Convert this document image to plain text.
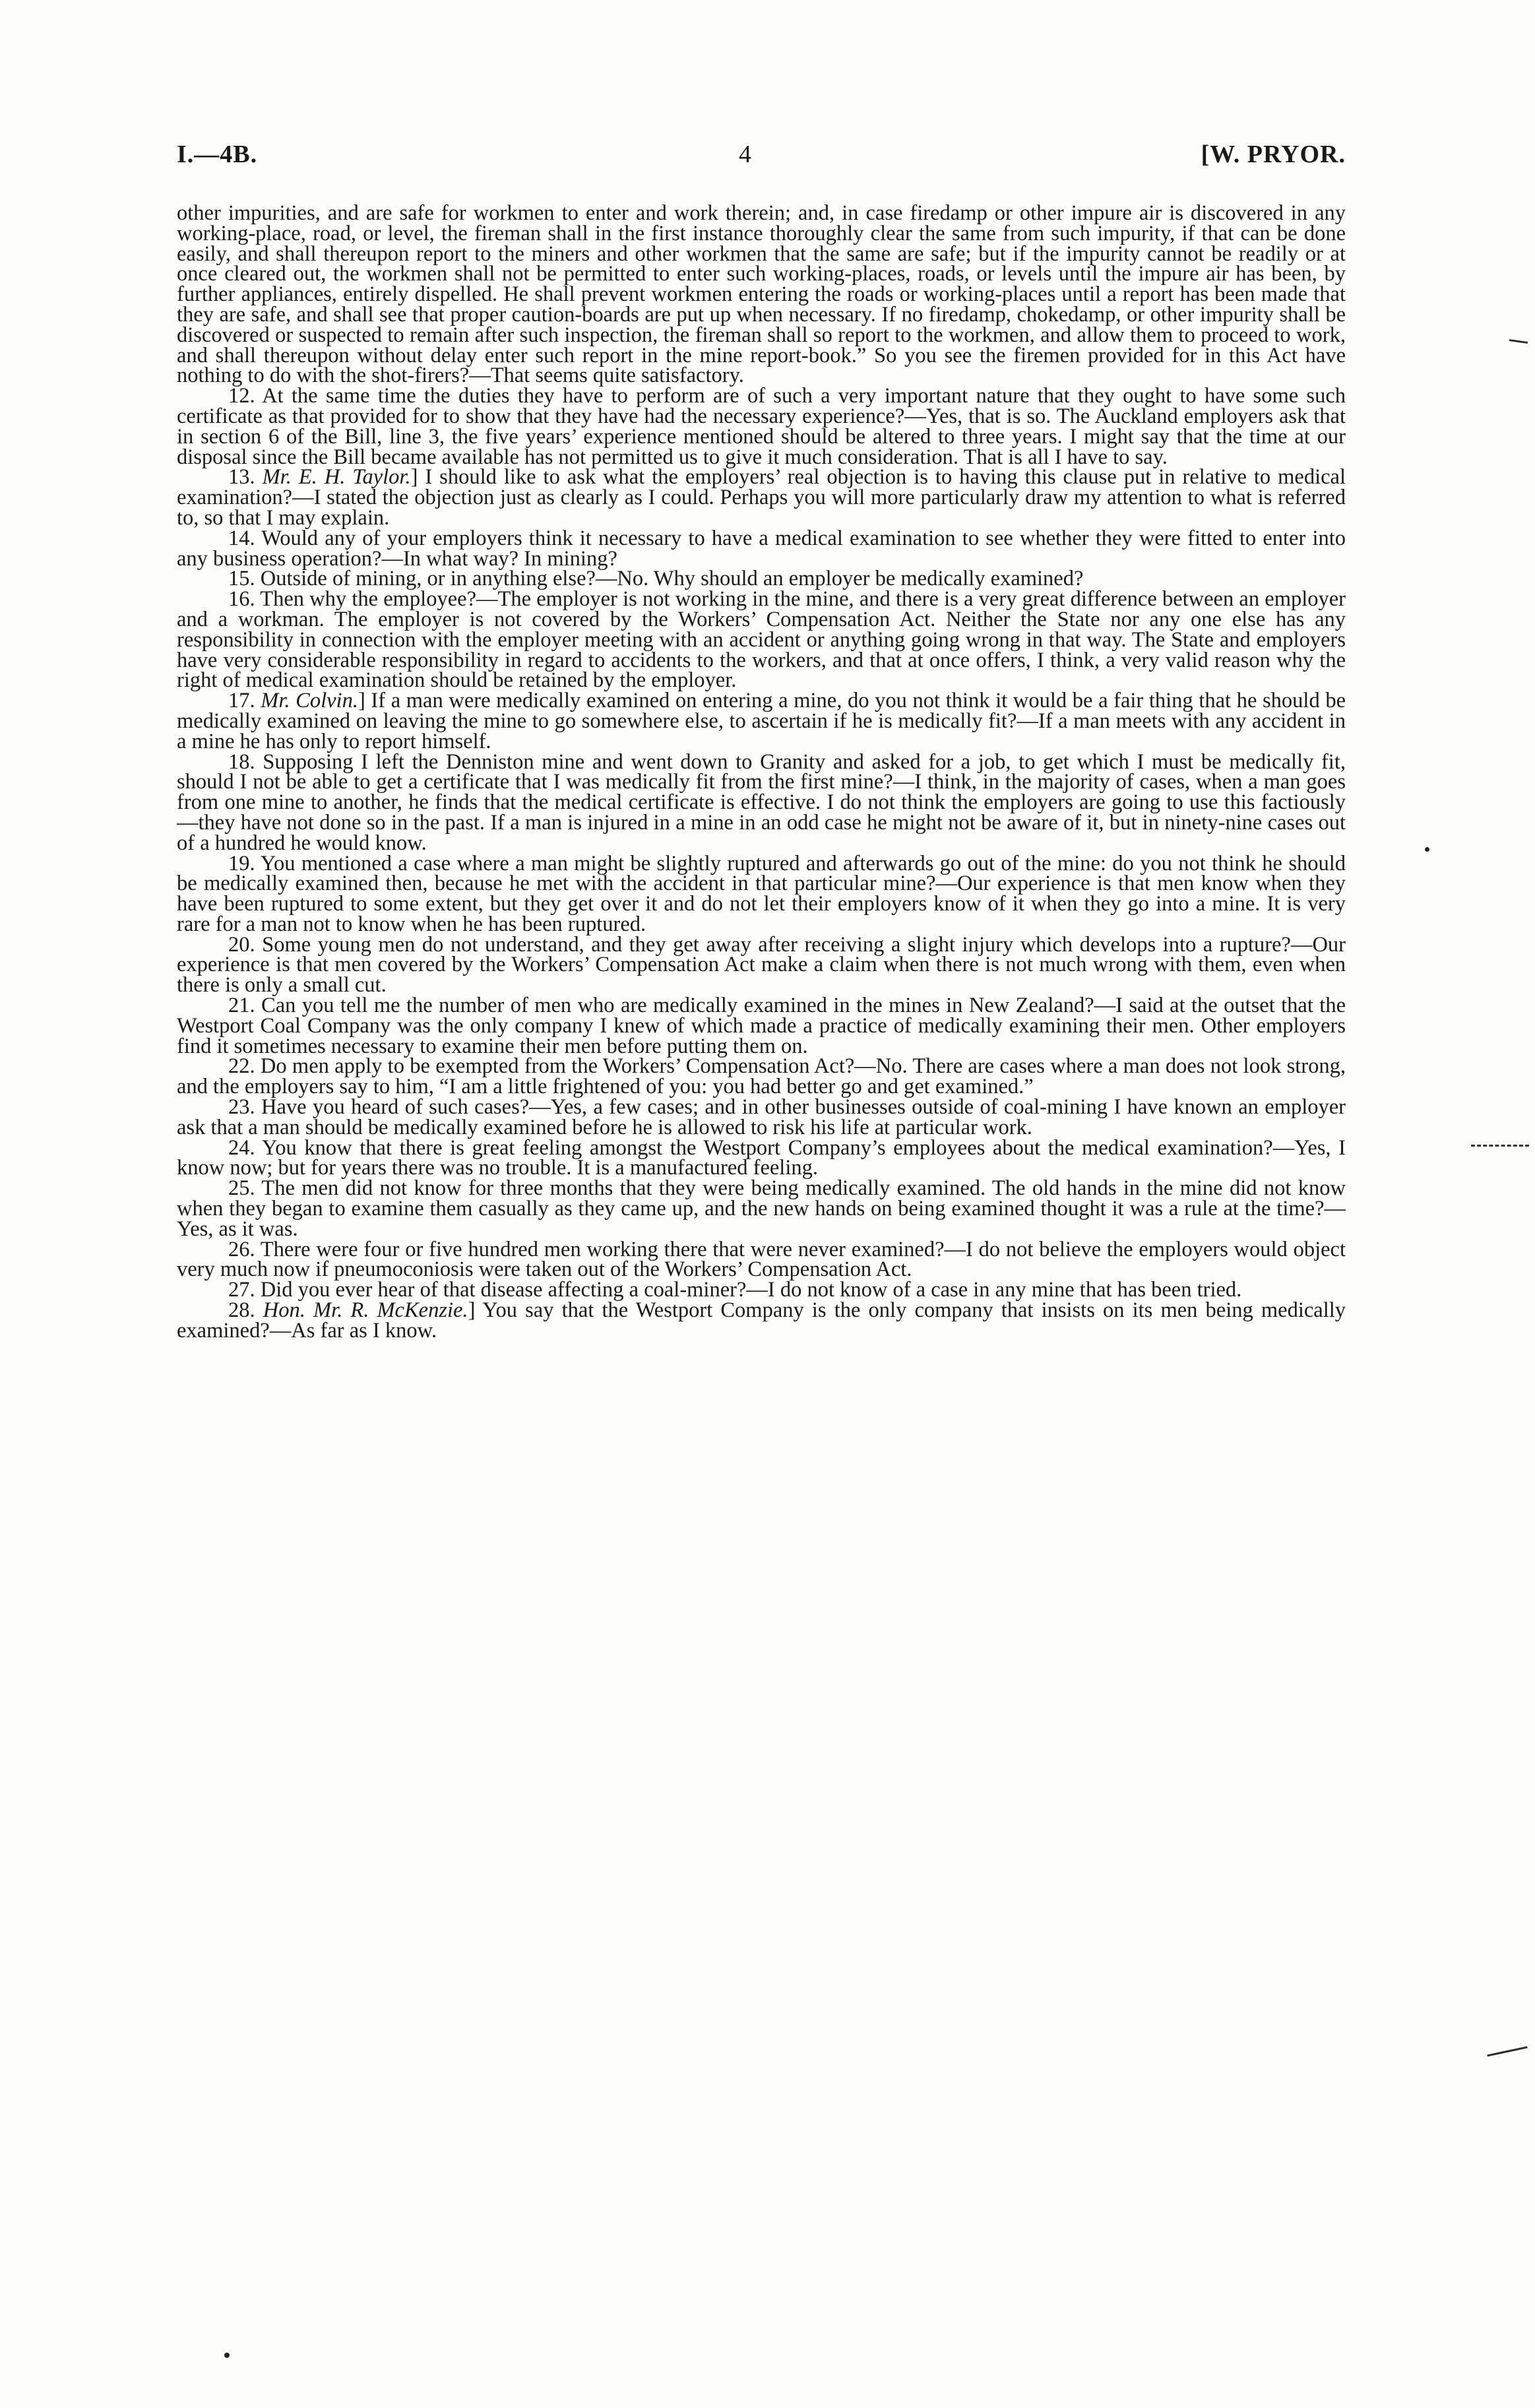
I.—4B.	4	[W. PRYOR.

other impurities, and are safe for workmen to enter and work therein; and, in case firedamp or other impure air is discovered in any working-place, road, or level, the fireman shall in the first instance thoroughly clear the same from such impurity, if that can be done easily, and shall thereupon report to the miners and other workmen that the same are safe; but if the impurity cannot be readily or at once cleared out, the workmen shall not be permitted to enter such working-places, roads, or levels until the impure air has been, by further appliances, entirely dispelled. He shall prevent workmen entering the roads or working-places until a report has been made that they are safe, and shall see that proper caution-boards are put up when necessary. If no firedamp, chokedamp, or other impurity shall be discovered or suspected to remain after such inspection, the fireman shall so report to the workmen, and allow them to proceed to work, and shall thereupon without delay enter such report in the mine report-book.” So you see the firemen provided for in this Act have nothing to do with the shot-firers?—That seems quite satisfactory.

12. At the same time the duties they have to perform are of such a very important nature that they ought to have some such certificate as that provided for to show that they have had the necessary experience?—Yes, that is so. The Auckland employers ask that in section 6 of the Bill, line 3, the five years’ experience mentioned should be altered to three years. I might say that the time at our disposal since the Bill became available has not permitted us to give it much consideration. That is all I have to say.

13. Mr. E. H. Taylor.] I should like to ask what the employers’ real objection is to having this clause put in relative to medical examination?—I stated the objection just as clearly as I could. Perhaps you will more particularly draw my attention to what is referred to, so that I may explain.

14. Would any of your employers think it necessary to have a medical examination to see whether they were fitted to enter into any business operation?—In what way? In mining?

15. Outside of mining, or in anything else?—No. Why should an employer be medically examined?

16. Then why the employee?—The employer is not working in the mine, and there is a very great difference between an employer and a workman. The employer is not covered by the Workers’ Compensation Act. Neither the State nor any one else has any responsibility in connection with the employer meeting with an accident or anything going wrong in that way. The State and employers have very considerable responsibility in regard to accidents to the workers, and that at once offers, I think, a very valid reason why the right of medical examination should be retained by the employer.

17. Mr. Colvin.] If a man were medically examined on entering a mine, do you not think it would be a fair thing that he should be medically examined on leaving the mine to go somewhere else, to ascertain if he is medically fit?—If a man meets with any accident in a mine he has only to report himself.

18. Supposing I left the Denniston mine and went down to Granity and asked for a job, to get which I must be medically fit, should I not be able to get a certificate that I was medically fit from the first mine?—I think, in the majority of cases, when a man goes from one mine to another, he finds that the medical certificate is effective. I do not think the employers are going to use this factiously—they have not done so in the past. If a man is injured in a mine in an odd case he might not be aware of it, but in ninety-nine cases out of a hundred he would know.

19. You mentioned a case where a man might be slightly ruptured and afterwards go out of the mine: do you not think he should be medically examined then, because he met with the accident in that particular mine?—Our experience is that men know when they have been ruptured to some extent, but they get over it and do not let their employers know of it when they go into a mine. It is very rare for a man not to know when he has been ruptured.

20. Some young men do not understand, and they get away after receiving a slight injury which develops into a rupture?—Our experience is that men covered by the Workers’ Compensation Act make a claim when there is not much wrong with them, even when there is only a small cut.

21. Can you tell me the number of men who are medically examined in the mines in New Zealand?—I said at the outset that the Westport Coal Company was the only company I knew of which made a practice of medically examining their men. Other employers find it sometimes necessary to examine their men before putting them on.

22. Do men apply to be exempted from the Workers’ Compensation Act?—No. There are cases where a man does not look strong, and the employers say to him, “I am a little frightened of you: you had better go and get examined.”

23. Have you heard of such cases?—Yes, a few cases; and in other businesses outside of coal-mining I have known an employer ask that a man should be medically examined before he is allowed to risk his life at particular work.

24. You know that there is great feeling amongst the Westport Company’s employees about the medical examination?—Yes, I know now; but for years there was no trouble. It is a manufactured feeling.

25. The men did not know for three months that they were being medically examined. The old hands in the mine did not know when they began to examine them casually as they came up, and the new hands on being examined thought it was a rule at the time?—Yes, as it was.

26. There were four or five hundred men working there that were never examined?—I do not believe the employers would object very much now if pneumoconiosis were taken out of the Workers’ Compensation Act.

27. Did you ever hear of that disease affecting a coal-miner?—I do not know of a case in any mine that has been tried.

28. Hon. Mr. R. McKenzie.] You say that the Westport Company is the only company that insists on its men being medically examined?—As far as I know.
